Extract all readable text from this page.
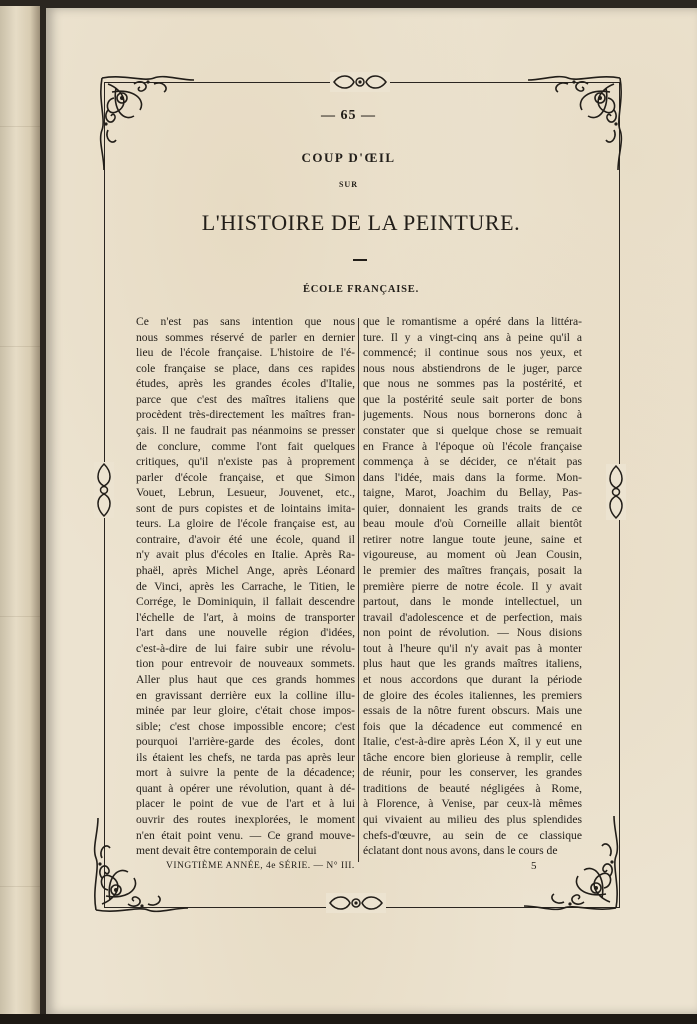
— 65 —
COUP D'ŒIL
SUR
L'HISTOIRE DE LA PEINTURE.
ÉCOLE FRANÇAISE.
Ce n'est pas sans intention que nous
nous sommes réservé de parler en dernier
lieu de l'école française. L'histoire de l'é-
cole française se place, dans ces rapides
études, après les grandes écoles d'Italie,
parce que c'est des maîtres italiens que
procèdent très-directement les maîtres fran-
çais. Il ne faudrait pas néanmoins se presser
de conclure, comme l'ont fait quelques
critiques, qu'il n'existe pas à proprement
parler d'école française, et que Simon
Vouet, Lebrun, Lesueur, Jouvenet, etc.,
sont de purs copistes et de lointains imita-
teurs. La gloire de l'école française est, au
contraire, d'avoir été une école, quand il
n'y avait plus d'écoles en Italie. Après Ra-
phaël, après Michel Ange, après Léonard
de Vinci, après les Carrache, le Titien, le
Corrége, le Dominiquin, il fallait descendre
l'échelle de l'art, à moins de transporter
l'art dans une nouvelle région d'idées,
c'est-à-dire de lui faire subir une révolu-
tion pour entrevoir de nouveaux sommets.
Aller plus haut que ces grands hommes
en gravissant derrière eux la colline illu-
minée par leur gloire, c'était chose impos-
sible; c'est chose impossible encore; c'est
pourquoi l'arrière-garde des écoles, dont
ils étaient les chefs, ne tarda pas après leur
mort à suivre la pente de la décadence;
quant à opérer une révolution, quant à dé-
placer le point de vue de l'art et à lui
ouvrir des routes inexplorées, le moment
n'en était point venu. — Ce grand mouve-
ment devait être contemporain de celui
que le romantisme a opéré dans la littéra-
ture. Il y a vingt-cinq ans à peine qu'il a
commencé; il continue sous nos yeux, et
nous nous abstiendrons de le juger, parce
que nous ne sommes pas la postérité, et
que la postérité seule sait porter de bons
jugements. Nous nous bornerons donc à
constater que si quelque chose se remuait
en France à l'époque où l'école française
commença à se décider, ce n'était pas
dans l'idée, mais dans la forme. Mon-
taigne, Marot, Joachim du Bellay, Pas-
quier, donnaient les grands traits de ce
beau moule d'où Corneille allait bientôt
retirer notre langue toute jeune, saine et
vigoureuse, au moment où Jean Cousin,
le premier des maîtres français, posait la
première pierre de notre école. Il y avait
partout, dans le monde intellectuel, un
travail d'adolescence et de perfection, mais
non point de révolution. — Nous disions
tout à l'heure qu'il n'y avait pas à monter
plus haut que les grands maîtres italiens,
et nous accordons que durant la période
de gloire des écoles italiennes, les premiers
essais de la nôtre furent obscurs. Mais une
fois que la décadence eut commencé en
Italie, c'est-à-dire après Léon X, il y eut une
tâche encore bien glorieuse à remplir, celle
de réunir, pour les conserver, les grandes
traditions de beauté négligées à Rome,
à Florence, à Venise, par ceux-là mêmes
qui vivaient au milieu des plus splendides
chefs-d'œuvre, au sein de ce classique
éclatant dont nous avons, dans le cours de
VINGTIÈME ANNÉE, 4e SÉRIE. — N° III.	5
